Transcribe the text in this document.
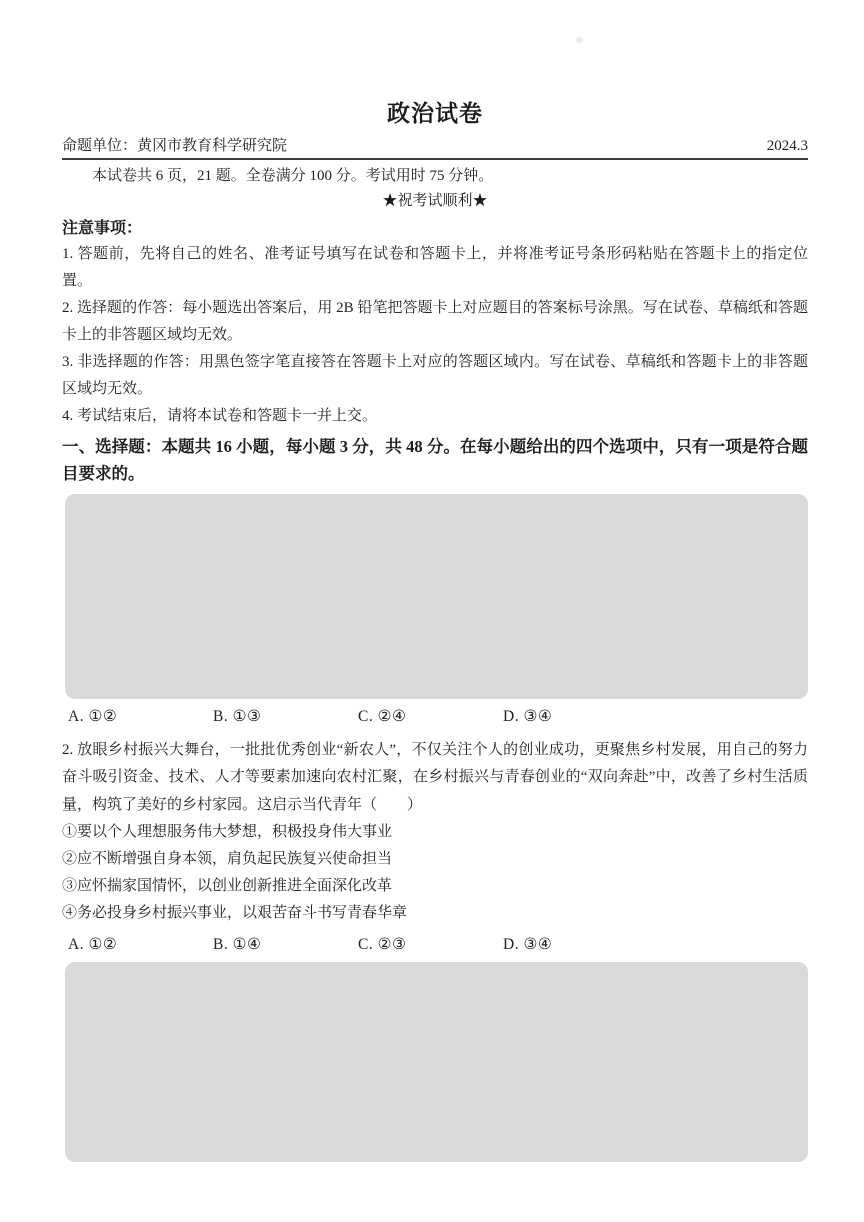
政治试卷
命题单位：黄冈市教育科学研究院	2024.3

本试卷共 6 页，21 题。全卷满分 100 分。考试用时 75 分钟。

★祝考试顺利★

注意事项：

1. 答题前，先将自己的姓名、准考证号填写在试卷和答题卡上，并将准考证号条形码粘贴在答题卡上的指定位置。

2. 选择题的作答：每小题选出答案后，用 2B 铅笔把答题卡上对应题目的答案标号涂黑。写在试卷、草稿纸和答题卡上的非答题区域均无效。

3. 非选择题的作答：用黑色签字笔直接答在答题卡上对应的答题区域内。写在试卷、草稿纸和答题卡上的非答题区域均无效。

4. 考试结束后，请将本试卷和答题卡一并上交。

一、选择题：本题共 16 小题，每小题 3 分，共 48 分。在每小题给出的四个选项中，只有一项是符合题目要求的。

A. ①②	B. ①③	C. ②④	D. ③④

2. 放眼乡村振兴大舞台，一批批优秀创业“新农人”，不仅关注个人的创业成功，更聚焦乡村发展，用自己的努力奋斗吸引资金、技术、人才等要素加速向农村汇聚，在乡村振兴与青春创业的“双向奔赴”中，改善了乡村生活质量，构筑了美好的乡村家园。这启示当代青年（　　）

①要以个人理想服务伟大梦想，积极投身伟大事业

②应不断增强自身本领，肩负起民族复兴使命担当

③应怀揣家国情怀，以创业创新推进全面深化改革

④务必投身乡村振兴事业，以艰苦奋斗书写青春华章

A. ①②	B. ①④	C. ②③	D. ③④
